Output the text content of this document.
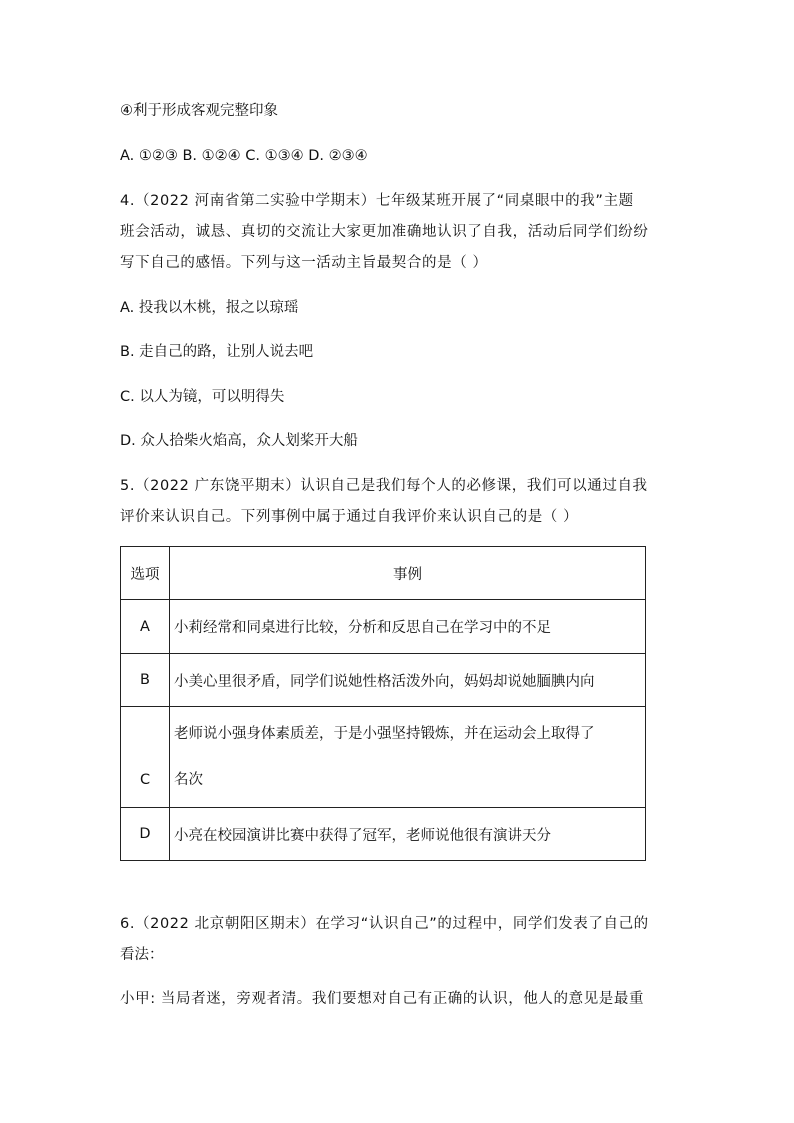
④利于形成客观完整印象

A. ①②③ B. ①②④ C. ①③④ D. ②③④

4.（2022 河南省第二实验中学期末）七年级某班开展了“同桌眼中的我”主题

班会活动，诚恳、真切的交流让大家更加准确地认识了自我，活动后同学们纷纷

写下自己的感悟。下列与这一活动主旨最契合的是（ ）

A. 投我以木桃，报之以琼瑶

B. 走自己的路，让别人说去吧

C. 以人为镜，可以明得失

D. 众人拾柴火焰高，众人划桨开大船

5.（2022 广东饶平期末）认识自己是我们每个人的必修课，我们可以通过自我

评价来认识自己。下列事例中属于通过自我评价来认识自己的是（ ）

选项	事例
A	小莉经常和同桌进行比较，分析和反思自己在学习中的不足
B	小美心里很矛盾，同学们说她性格活泼外向，妈妈却说她腼腆内向
C	老师说小强身体素质差，于是小强坚持锻炼，并在运动会上取得了
名次

D	小亮在校园演讲比赛中获得了冠军，老师说他很有演讲天分

6.（2022 北京朝阳区期末）在学习“认识自己”的过程中，同学们发表了自己的

看法：

小甲: 当局者迷，旁观者清。我们要想对自己有正确的认识，他人的意见是最重
